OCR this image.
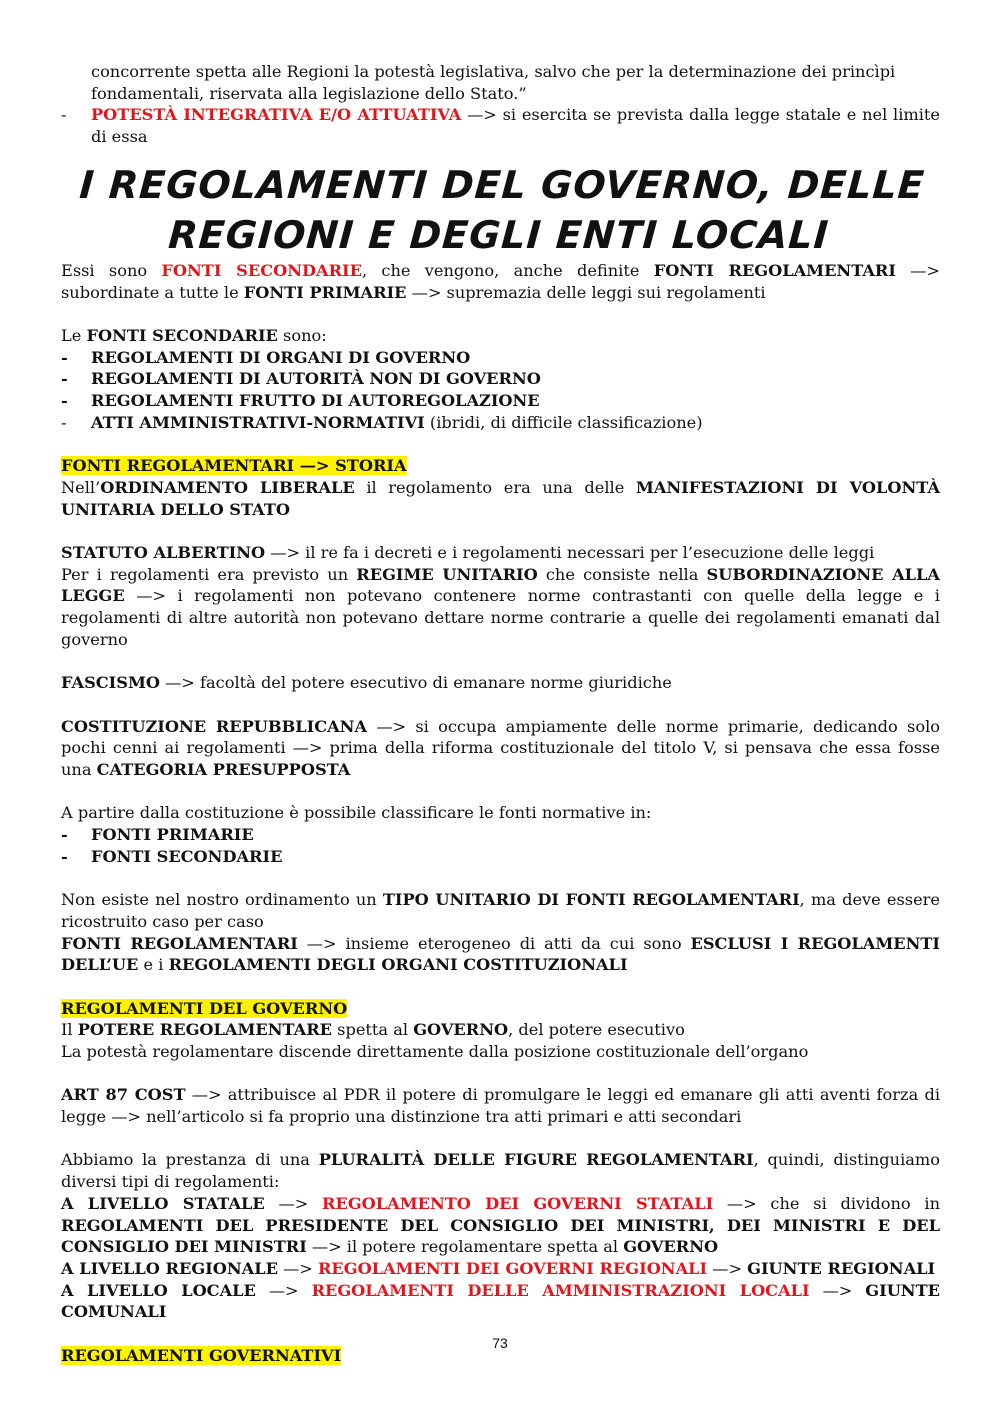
concorrente spetta alle Regioni la potestà legislativa, salvo che per la determinazione dei princìpi
fondamentali, riservata alla legislazione dello Stato.”

- POTESTÀ INTEGRATIVA E/O ATTUATIVA —> si esercita se prevista dalla legge statale e nel limite di essa

I REGOLAMENTI DEL GOVERNO, DELLE
REGIONI E DEGLI ENTI LOCALI

Essi sono FONTI SECONDARIE, che vengono, anche definite FONTI REGOLAMENTARI —> subordinate a tutte le FONTI PRIMARIE —> supremazia delle leggi sui regolamenti

Le FONTI SECONDARIE sono:

- REGOLAMENTI DI ORGANI DI GOVERNO

- REGOLAMENTI DI AUTORITÀ NON DI GOVERNO

- REGOLAMENTI FRUTTO DI AUTOREGOLAZIONE

- ATTI AMMINISTRATIVI-NORMATIVI (ibridi, di difficile classificazione)

FONTI REGOLAMENTARI —> STORIA

Nell’ORDINAMENTO LIBERALE il regolamento era una delle MANIFESTAZIONI DI VOLONTÀ UNITARIA DELLO STATO

STATUTO ALBERTINO —> il re fa i decreti e i regolamenti necessari per l’esecuzione delle leggi

Per i regolamenti era previsto un REGIME UNITARIO che consiste nella SUBORDINAZIONE ALLA LEGGE —> i regolamenti non potevano contenere norme contrastanti con quelle della legge e i regolamenti di altre autorità non potevano dettare norme contrarie a quelle dei regolamenti emanati dal governo

FASCISMO —> facoltà del potere esecutivo di emanare norme giuridiche

COSTITUZIONE REPUBBLICANA —> si occupa ampiamente delle norme primarie, dedicando solo pochi cenni ai regolamenti —> prima della riforma costituzionale del titolo V, si pensava che essa fosse una CATEGORIA PRESUPPOSTA

A partire dalla costituzione è possibile classificare le fonti normative in:

- FONTI PRIMARIE

- FONTI SECONDARIE

Non esiste nel nostro ordinamento un TIPO UNITARIO DI FONTI REGOLAMENTARI, ma deve essere ricostruito caso per caso

FONTI REGOLAMENTARI —> insieme eterogeneo di atti da cui sono ESCLUSI I REGOLAMENTI DELL’UE e i REGOLAMENTI DEGLI ORGANI COSTITUZIONALI

REGOLAMENTI DEL GOVERNO

Il POTERE REGOLAMENTARE spetta al GOVERNO, del potere esecutivo

La potestà regolamentare discende direttamente dalla posizione costituzionale dell’organo

ART 87 COST —> attribuisce al PDR il potere di promulgare le leggi ed emanare gli atti aventi forza di legge —> nell’articolo si fa proprio una distinzione tra atti primari e atti secondari

Abbiamo la prestanza di una PLURALITÀ DELLE FIGURE REGOLAMENTARI, quindi, distinguiamo diversi tipi di regolamenti:

A LIVELLO STATALE —> REGOLAMENTO DEI GOVERNI STATALI —> che si dividono in REGOLAMENTI DEL PRESIDENTE DEL CONSIGLIO DEI MINISTRI, DEI MINISTRI E DEL CONSIGLIO DEI MINISTRI —> il potere regolamentare spetta al GOVERNO

A LIVELLO REGIONALE —> REGOLAMENTI DEI GOVERNI REGIONALI —> GIUNTE REGIONALI

A LIVELLO LOCALE —> REGOLAMENTI DELLE AMMINISTRAZIONI LOCALI —> GIUNTE COMUNALI

REGOLAMENTI GOVERNATIVI

73
